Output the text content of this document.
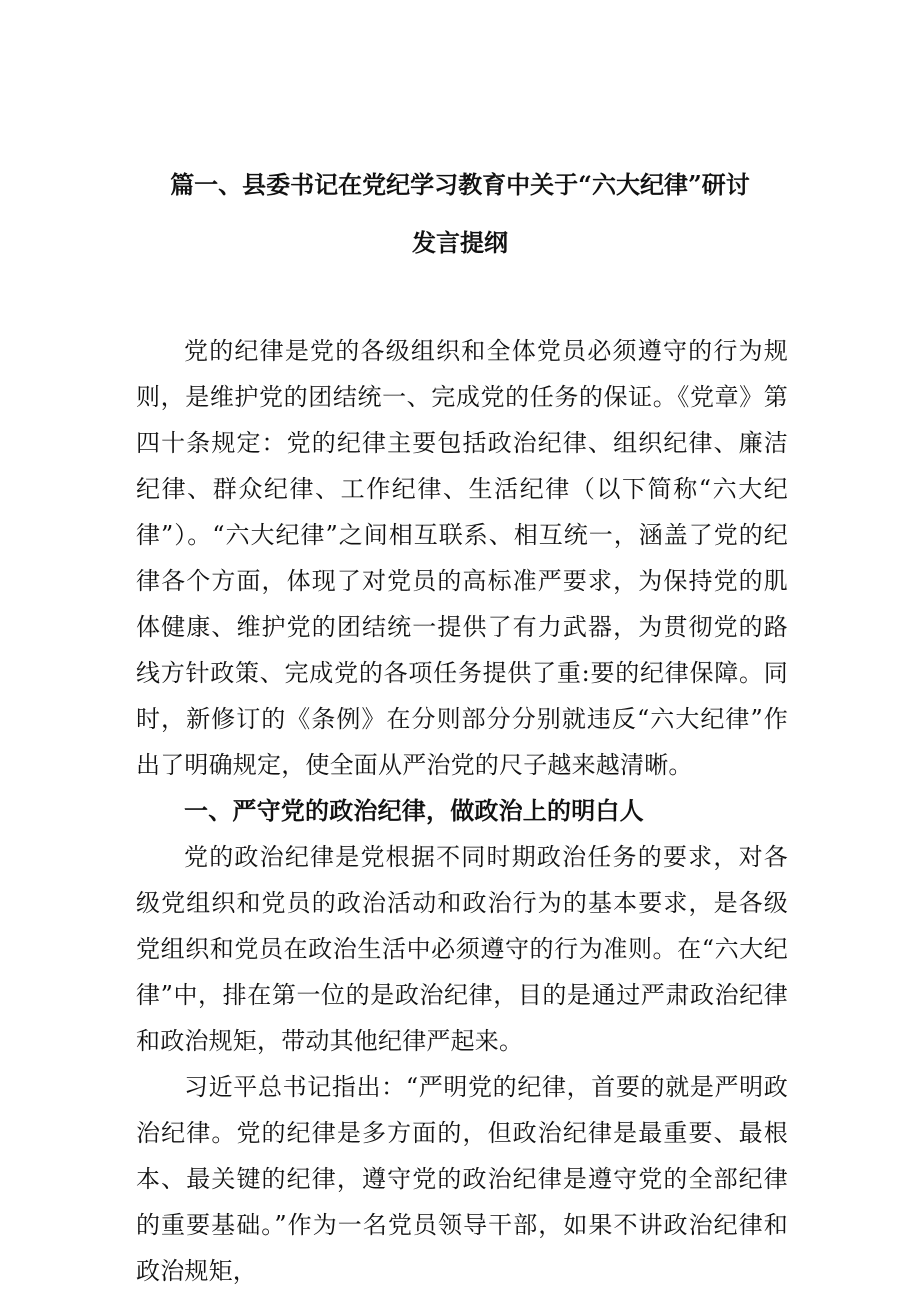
篇一、县委书记在党纪学习教育中关于“六大纪律”研讨
发言提纲

党的纪律是党的各级组织和全体党员必须遵守的行为规则，是维护党的团结统一、完成党的任务的保证。《党章》第四十条规定：党的纪律主要包括政治纪律、组织纪律、廉洁纪律、群众纪律、工作纪律、生活纪律（以下简称“六大纪律”）。“六大纪律”之间相互联系、相互统一，涵盖了党的纪律各个方面，体现了对党员的高标准严要求，为保持党的肌体健康、维护党的团结统一提供了有力武器，为贯彻党的路线方针政策、完成党的各项任务提供了重:要的纪律保障。同时，新修订的《条例》在分则部分分别就违反“六大纪律”作出了明确规定，使全面从严治党的尺子越来越清晰。

一、严守党的政治纪律，做政治上的明白人

党的政治纪律是党根据不同时期政治任务的要求，对各级党组织和党员的政治活动和政治行为的基本要求，是各级党组织和党员在政治生活中必须遵守的行为准则。在“六大纪律”中，排在第一位的是政治纪律，目的是通过严肃政治纪律和政治规矩，带动其他纪律严起来。

习近平总书记指出：“严明党的纪律，首要的就是严明政治纪律。党的纪律是多方面的，但政治纪律是最重要、最根本、最关键的纪律，遵守党的政治纪律是遵守党的全部纪律的重要基础。”作为一名党员领导干部，如果不讲政治纪律和政治规矩，
